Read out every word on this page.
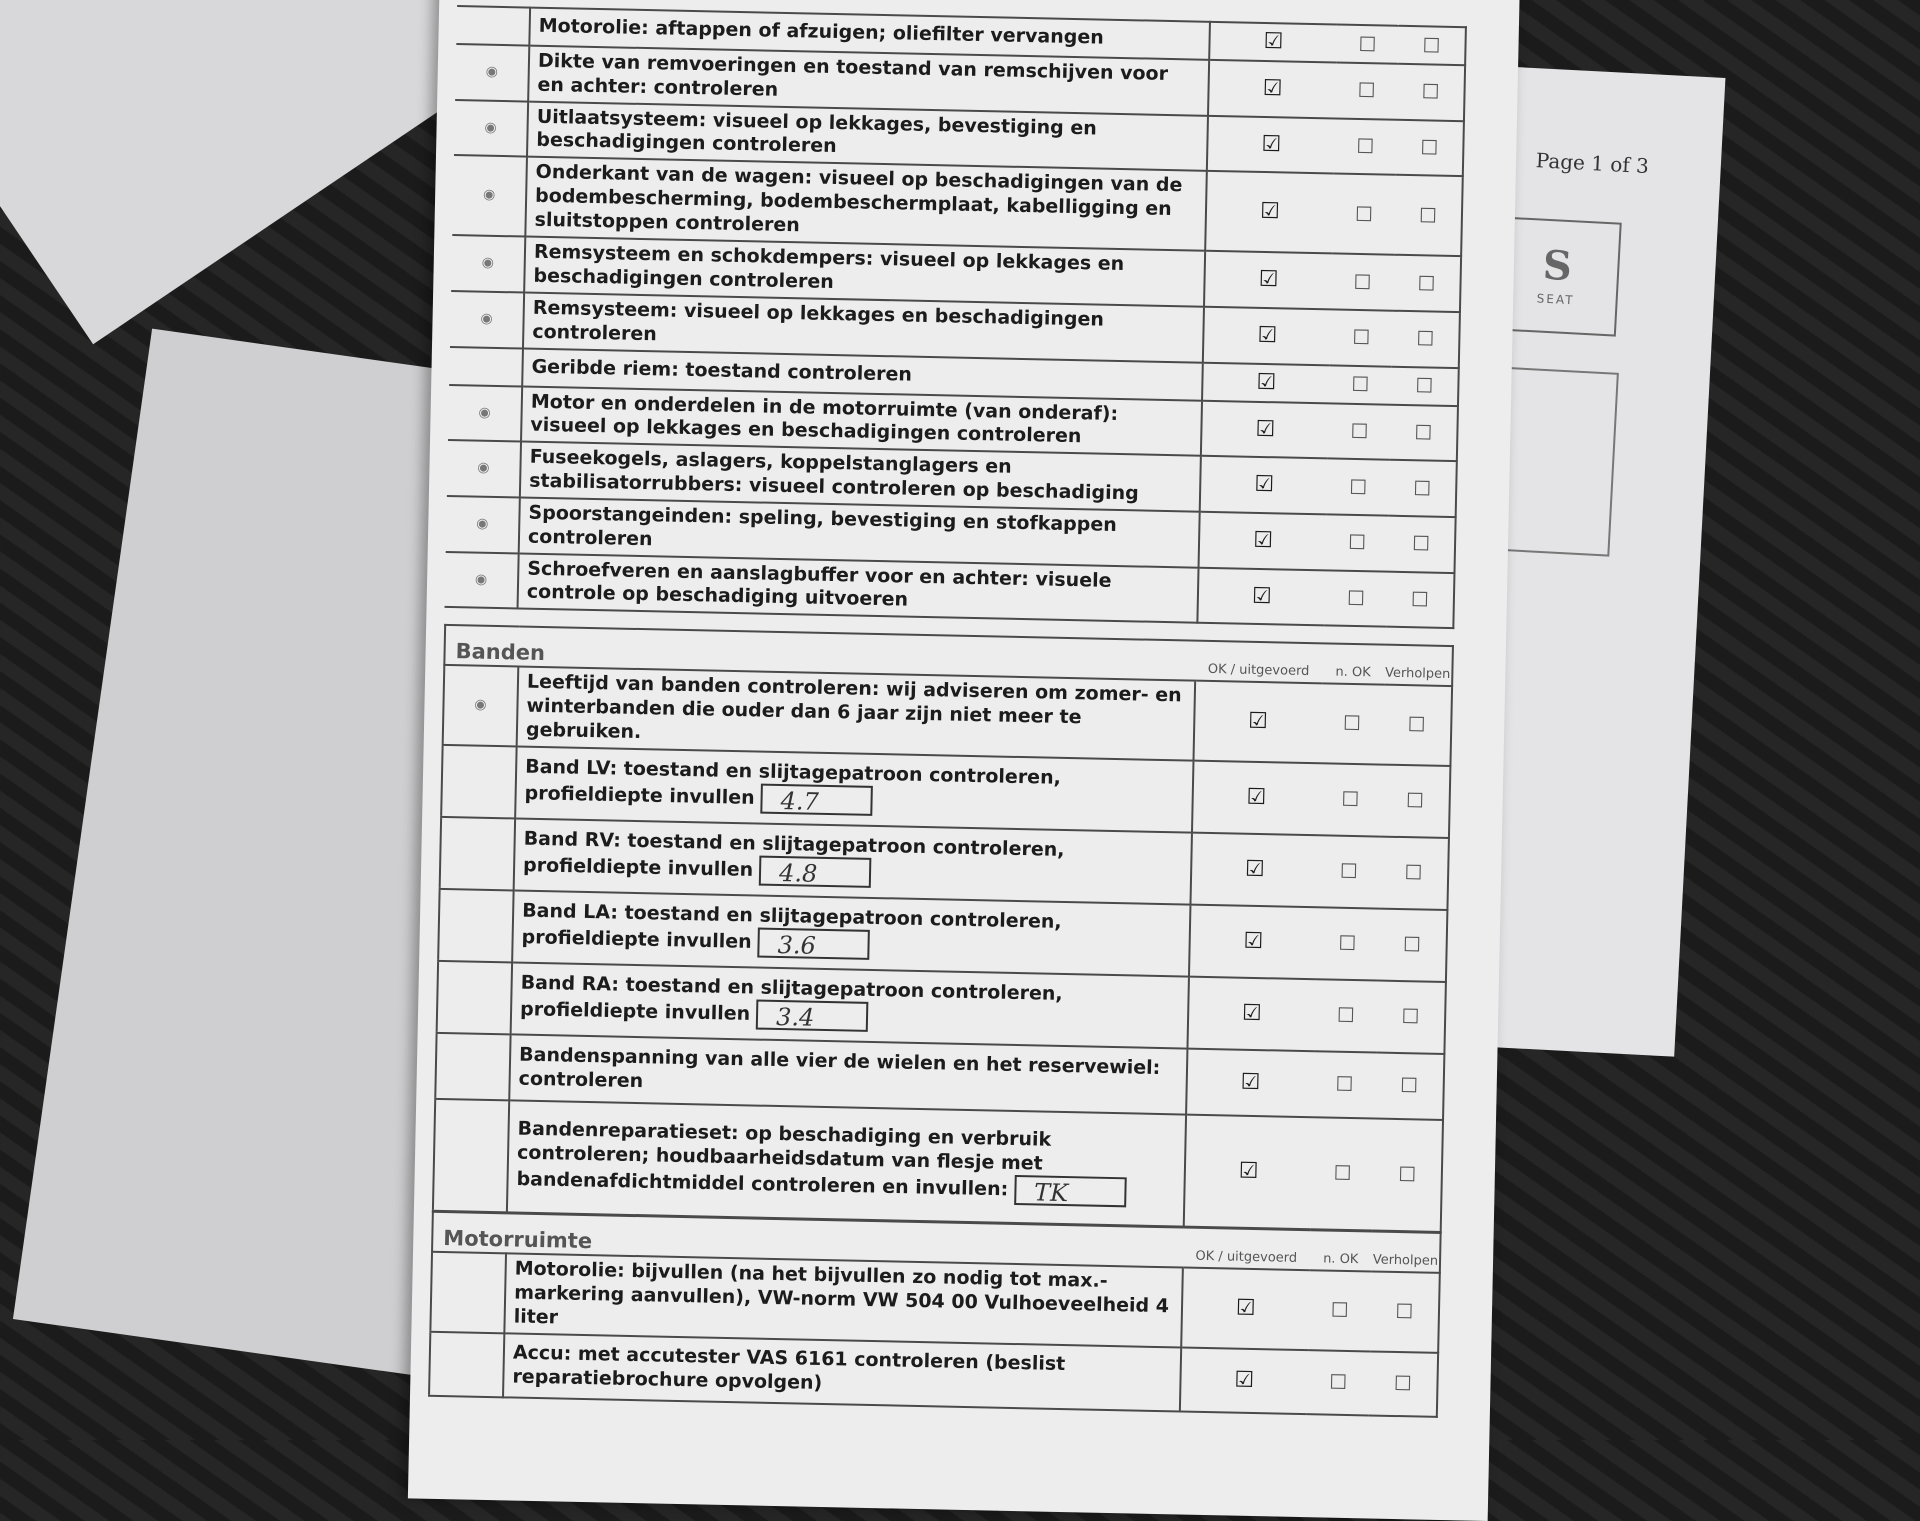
Page 1 of 3
S
SEAT
	Motorolie: aftappen of afzuigen; oliefilter vervangen	☑	☐	☐
◉	Dikte van remvoeringen en toestand van remschijven voor en achter: controleren	☑	☐	☐
◉	Uitlaatsysteem: visueel op lekkages, bevestiging en beschadigingen controleren	☑	☐	☐
◉	Onderkant van de wagen: visueel op beschadigingen van de bodembescherming, bodembeschermplaat, kabelligging en sluitstoppen controleren	☑	☐	☐
◉	Remsysteem en schokdempers: visueel op lekkages en beschadigingen controleren	☑	☐	☐
◉	Remsysteem: visueel op lekkages en beschadigingen controleren	☑	☐	☐
	Geribde riem: toestand controleren	☑	☐	☐
◉	Motor en onderdelen in de motorruimte (van onderaf): visueel op lekkages en beschadigingen controleren	☑	☐	☐
◉	Fuseekogels, aslagers, koppelstanglagers en stabilisatorrubbers: visueel controleren op beschadiging	☑	☐	☐
◉	Spoorstangeinden: speling, bevestiging en stofkappen controleren	☑	☐	☐
◉	Schroefveren en aanslagbuffer voor en achter: visuele controle op beschadiging uitvoeren	☑	☐	☐
Banden		OK / uitgevoerd	n. OK	Verholpen
◉	Leeftijd van banden controleren: wij adviseren om zomer- en winterbanden die ouder dan 6 jaar zijn niet meer te gebruiken.	☑	☐	☐
	Band LV: toestand en slijtagepatroon controleren, profieldiepte invullen 4.7	☑	☐	☐
	Band RV: toestand en slijtagepatroon controleren, profieldiepte invullen 4.8	☑	☐	☐
	Band LA: toestand en slijtagepatroon controleren, profieldiepte invullen 3.6	☑	☐	☐
	Band RA: toestand en slijtagepatroon controleren, profieldiepte invullen 3.4	☑	☐	☐
	Bandenspanning van alle vier de wielen en het reservewiel: controleren	☑	☐	☐
	Bandenreparatieset: op beschadiging en verbruik controleren; houdbaarheidsdatum van flesje met bandenafdichtmiddel controleren en invullen: TK	☑	☐	☐
Motorruimte		OK / uitgevoerd	n. OK	Verholpen
	Motorolie: bijvullen (na het bijvullen zo nodig tot max.-markering aanvullen), VW-norm VW 504 00 Vulhoeveelheid 4 liter	☑	☐	☐
	Accu: met accutester VAS 6161 controleren (beslist reparatiebrochure opvolgen)	☑	☐	☐
